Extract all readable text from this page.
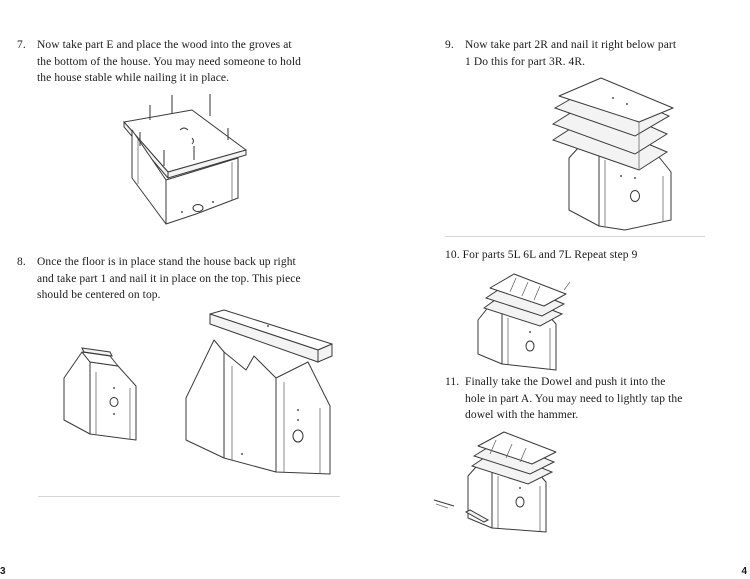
7. Now take part E and place the wood into the groves at
the bottom of the house. You may need someone to hold
the house stable while nailing it in place.
8. Once the floor is in place stand the house back up right
and take part 1 and nail it in place on the top. This piece
should be centered on top.
3
9. Now take part 2R and nail it right below part
1 Do this for part 3R. 4R.
10. For parts 5L 6L and 7L Repeat step 9
11. Finally take the Dowel and push it into the
hole in part A. You may need to lightly tap the
dowel with the hammer.
4
